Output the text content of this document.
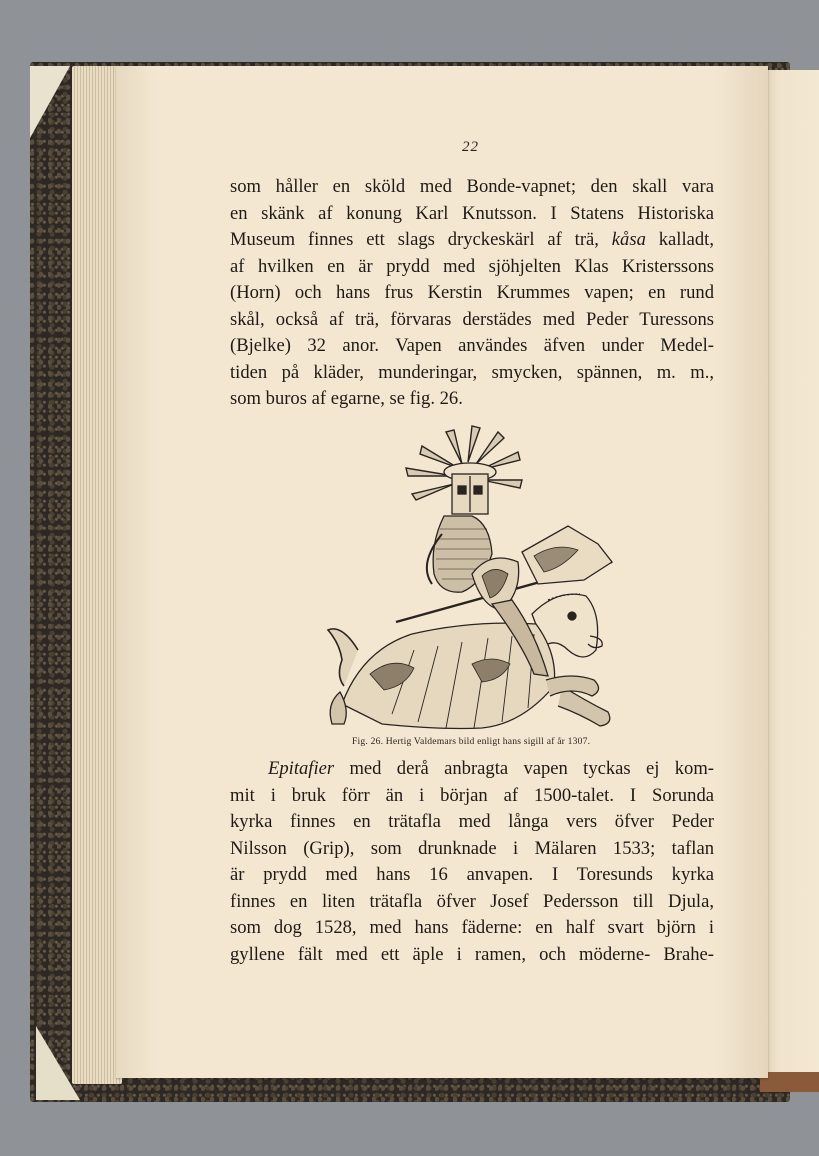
22
som håller en sköld med Bonde-vapnet; den skall vara
en skänk af konung Karl Knutsson. I Statens Historiska
Museum finnes ett slags dryckeskärl af trä, kåsa kalladt,
af hvilken en är prydd med sjöhjelten Klas Kristerssons
(Horn) och hans frus Kerstin Krummes vapen; en rund
skål, också af trä, förvaras derstädes med Peder Turessons
(Bjelke) 32 anor. Vapen användes äfven under Medel-
tiden på kläder, munderingar, smycken, spännen, m. m.,
som buros af egarne, se fig. 26.
Fig. 26. Hertig Valdemars bild enligt hans sigill af år 1307.
Epitafier med derå anbragta vapen tyckas ej kom-
mit i bruk förr än i början af 1500-talet. I Sorunda
kyrka finnes en trätafla med långa vers öfver Peder
Nilsson (Grip), som drunknade i Mälaren 1533; taflan
är prydd med hans 16 anvapen. I Toresunds kyrka
finnes en liten trätafla öfver Josef Pedersson till Djula,
som dog 1528, med hans fäderne: en half svart björn i
gyllene fält med ett äple i ramen, och möderne- Brahe-
